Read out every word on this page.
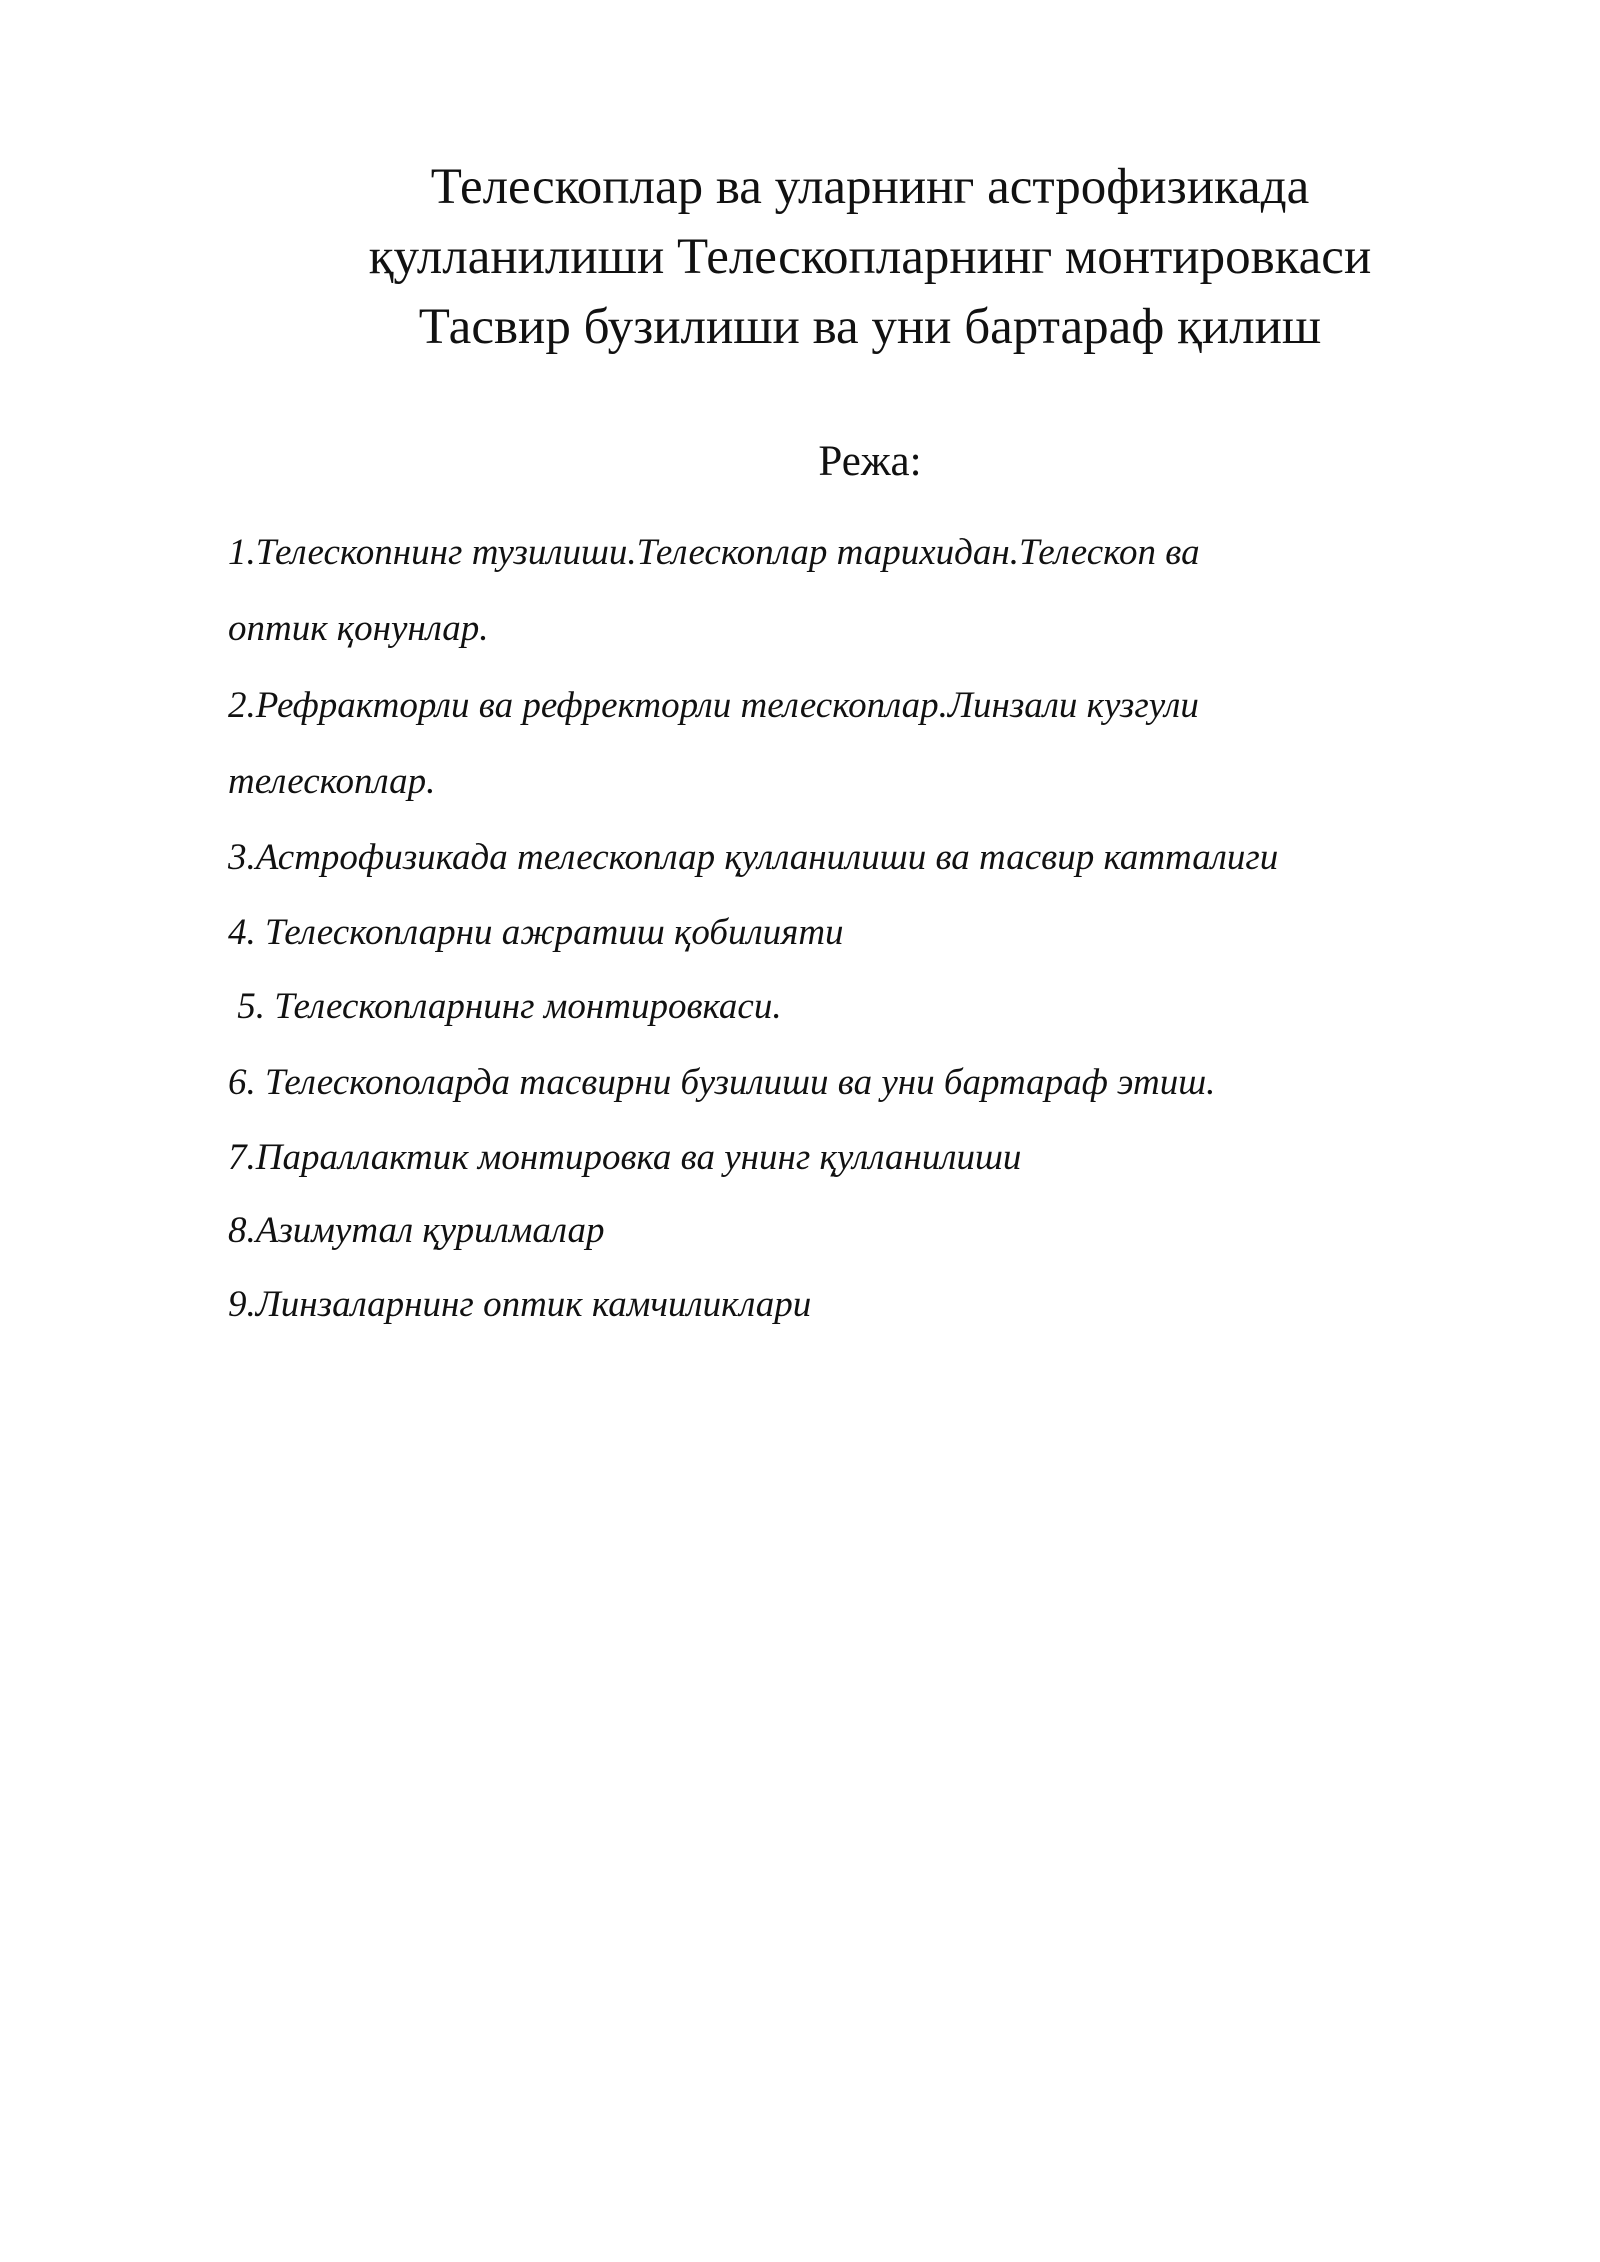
Телескоплар ва уларнинг астрофизикада
қулланилиши Телескопларнинг монтировкаси
Тасвир бузилиши ва уни бартараф қилиш
Режа:
1.Телескопнинг тузилиши.Телескоплар тарихидан.Телескоп ва
оптик қонунлар.
2.Рефракторли ва рефректорли телескоплар.Линзали кузгули
телескоплар.
3.Астрофизикада телескоплар қулланилиши ва тасвир катталиги
4. Телескопларни ажратиш қобилияти
5. Телескопларнинг монтировкаси.
6. Телескополарда тасвирни бузилиши ва уни бартараф этиш.
7.Параллактик монтировка ва унинг қулланилиши
8.Азимутал қурилмалар
9.Линзаларнинг оптик камчиликлари
